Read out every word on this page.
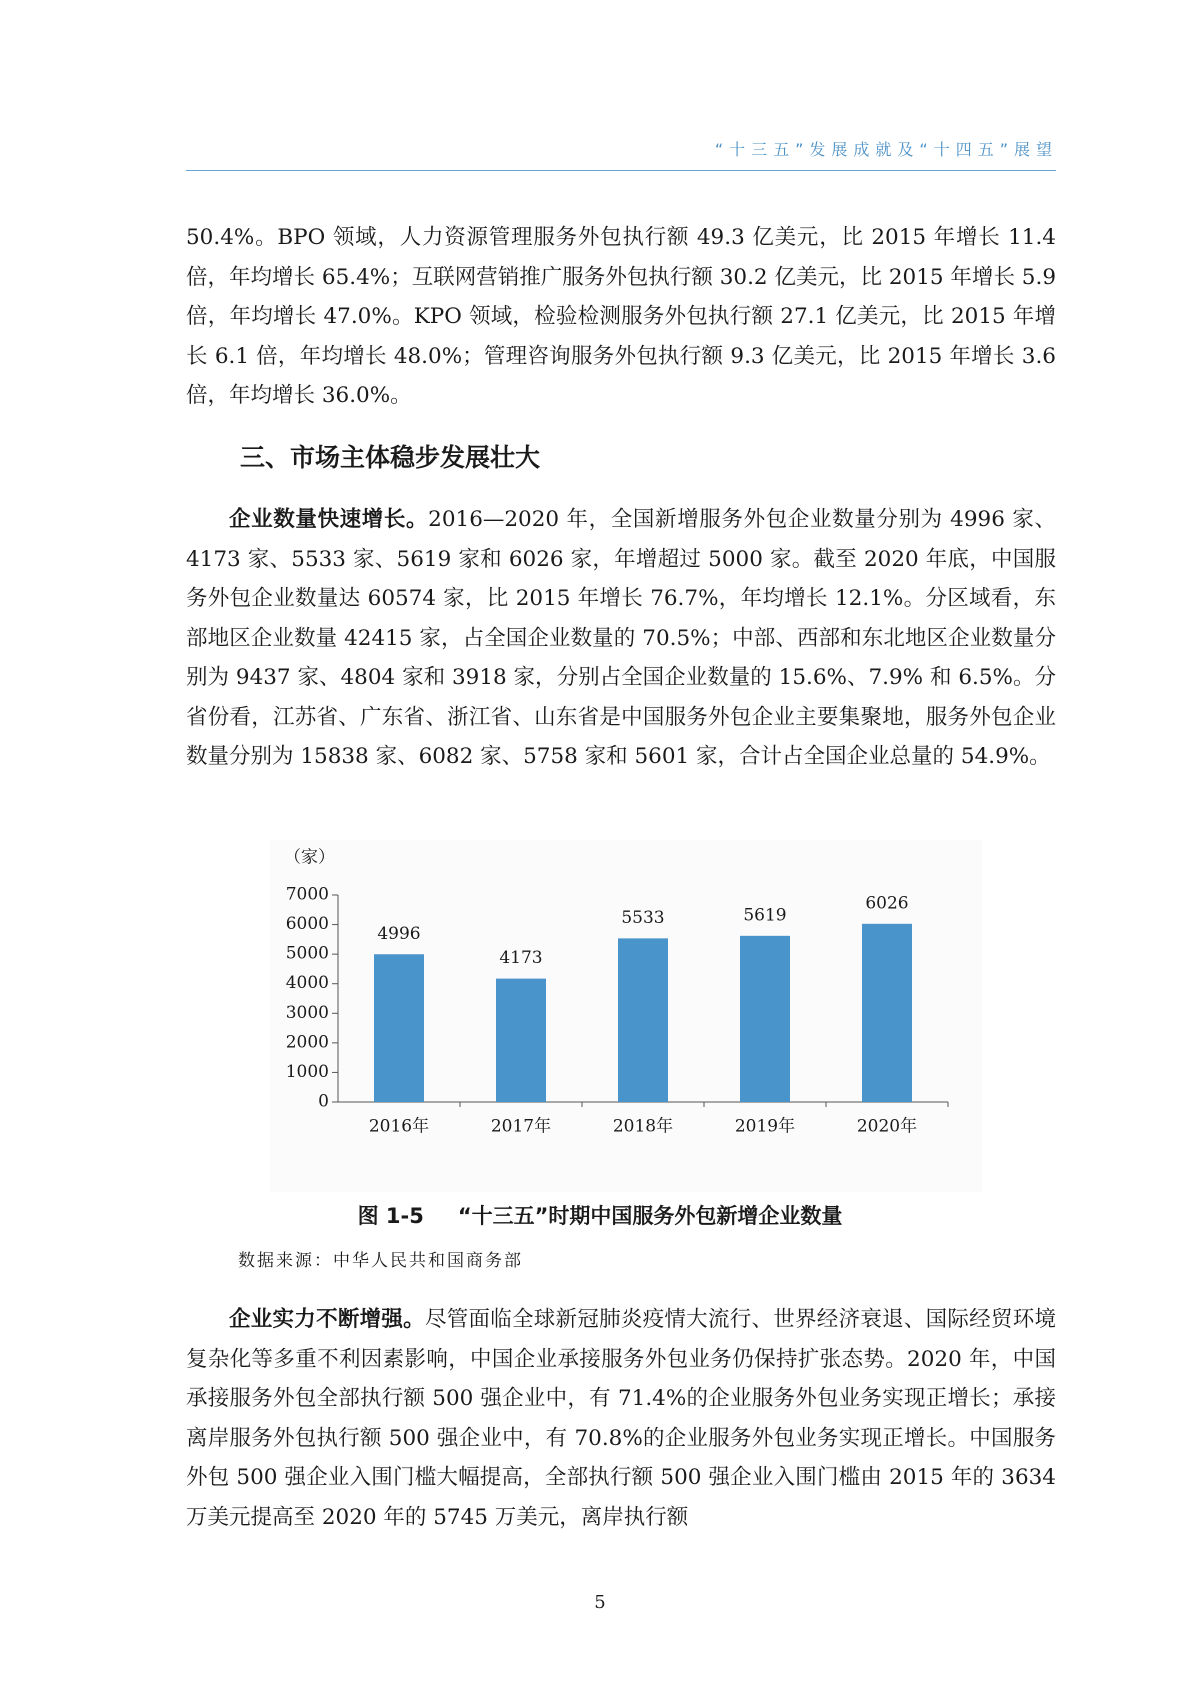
“十三五”发展成就及“十四五”展望

50.4%。BPO 领域，人力资源管理服务外包执行额 49.3 亿美元，比 2015 年增长 11.4 倍，年均增长 65.4%；互联网营销推广服务外包执行额 30.2 亿美元，比 2015 年增长 5.9 倍，年均增长 47.0%。KPO 领域，检验检测服务外包执行额 27.1 亿美元，比 2015 年增长 6.1 倍，年均增长 48.0%；管理咨询服务外包执行额 9.3 亿美元，比 2015 年增长 3.6 倍，年均增长 36.0%。

三、市场主体稳步发展壮大

企业数量快速增长。2016—2020 年，全国新增服务外包企业数量分别为 4996 家、4173 家、5533 家、5619 家和 6026 家，年增超过 5000 家。截至 2020 年底，中国服务外包企业数量达 60574 家，比 2015 年增长 76.7%，年均增长 12.1%。分区域看，东部地区企业数量 42415 家，占全国企业数量的 70.5%；中部、西部和东北地区企业数量分别为 9437 家、4804 家和 3918 家，分别占全国企业数量的 15.6%、7.9% 和 6.5%。分省份看，江苏省、广东省、浙江省、山东省是中国服务外包企业主要集聚地，服务外包企业数量分别为 15838 家、6082 家、5758 家和 5601 家，合计占全国企业总量的 54.9%。

（家）
0
1000
2000
3000
4000
5000
6000
7000
4996
2016年
4173
2017年
5533
2018年
5619
2019年
6026
2020年

图 1-5 “十三五”时期中国服务外包新增企业数量

数据来源：中华人民共和国商务部

企业实力不断增强。尽管面临全球新冠肺炎疫情大流行、世界经济衰退、国际经贸环境复杂化等多重不利因素影响，中国企业承接服务外包业务仍保持扩张态势。2020 年，中国承接服务外包全部执行额 500 强企业中，有 71.4%的企业服务外包业务实现正增长；承接离岸服务外包执行额 500 强企业中，有 70.8%的企业服务外包业务实现正增长。中国服务外包 500 强企业入围门槛大幅提高，全部执行额 500 强企业入围门槛由 2015 年的 3634 万美元提高至 2020 年的 5745 万美元，离岸执行额

5
